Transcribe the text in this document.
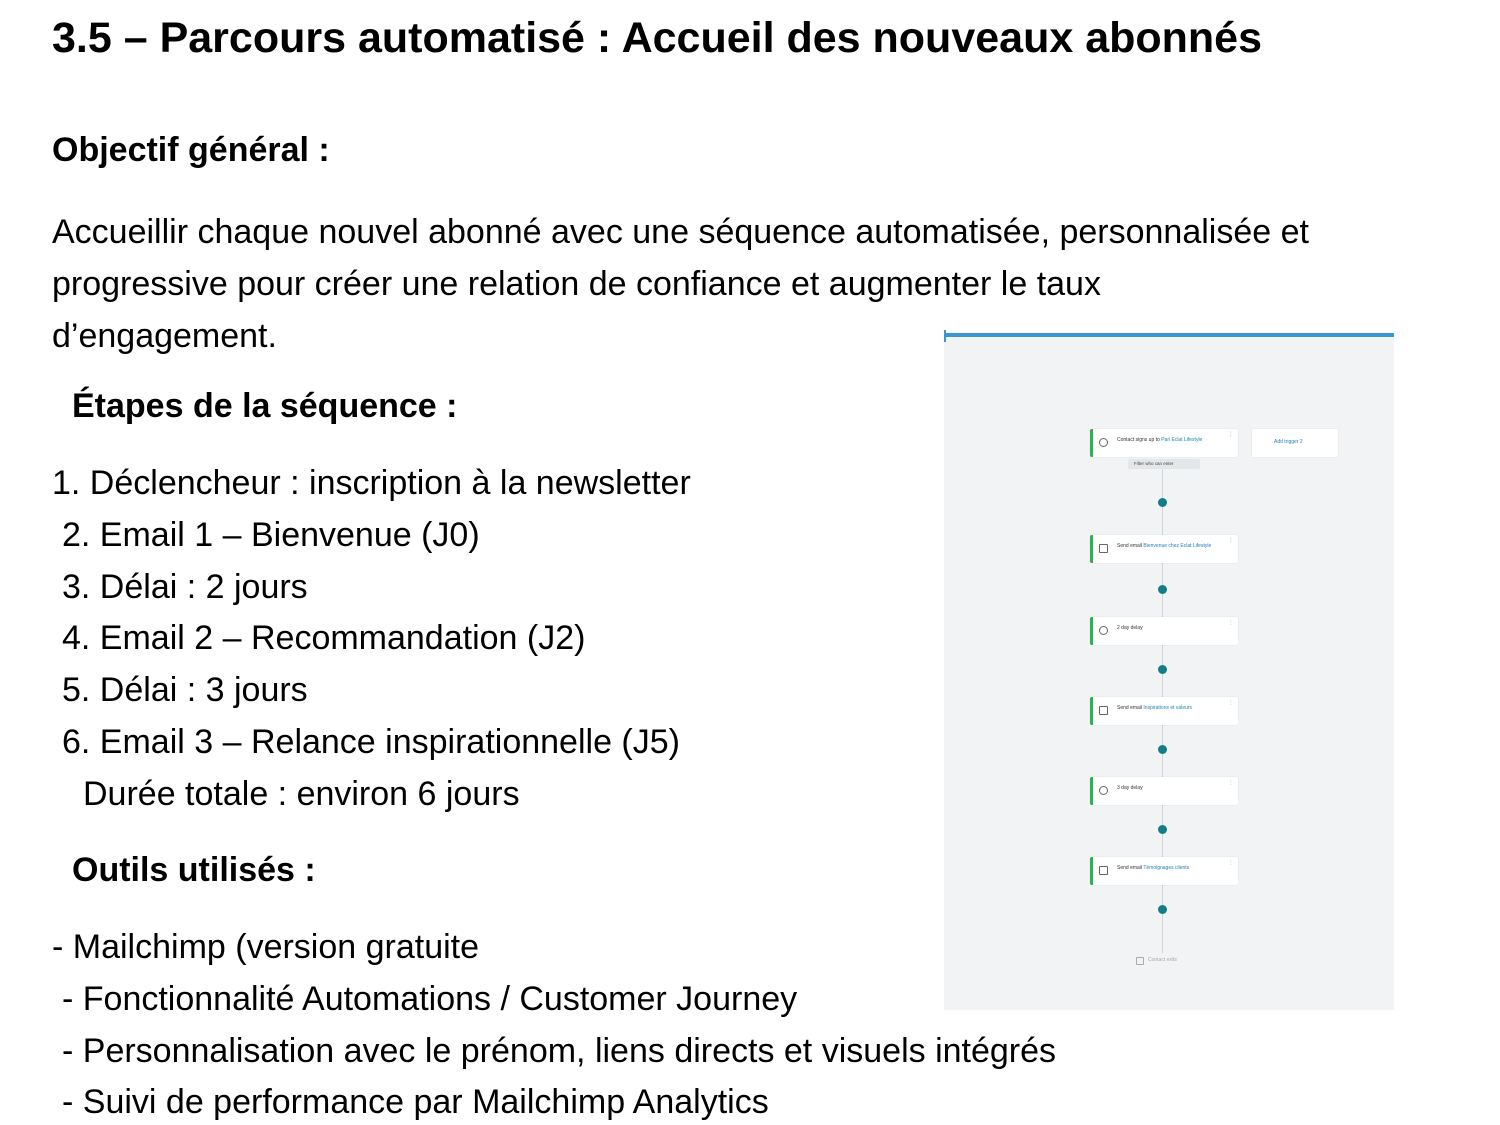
3.5 – Parcours automatisé : Accueil des nouveaux abonnés
Objectif général :
Accueillir chaque nouvel abonné avec une séquence automatisée, personnalisée et
progressive pour créer une relation de confiance et augmenter le taux
d’engagement.
Étapes de la séquence :
1. Déclencheur : inscription à la newsletter
2. Email 1 – Bienvenue (J0)
3. Délai : 2 jours
4. Email 2 – Recommandation (J2)
5. Délai : 3 jours
6. Email 3 – Relance inspirationnelle (J5)
Durée totale : environ 6 jours
Outils utilisés :
- Mailchimp (version gratuite
- Fonctionnalité Automations / Customer Journey
- Personnalisation avec le prénom, liens directs et visuels intégrés
- Suivi de performance par Mailchimp Analytics
Contact signs up to Pari Eclat Lifestyle
⋮
Add trigger 2
Filter who can enter
Send email Bienvenue chez Eclat Lifestyle
⋮
2 day delay
⋮
Send email Inspirations et valeurs
⋮
3 day delay
⋮
Send email Témoignages clients
⋮
Contact exits
